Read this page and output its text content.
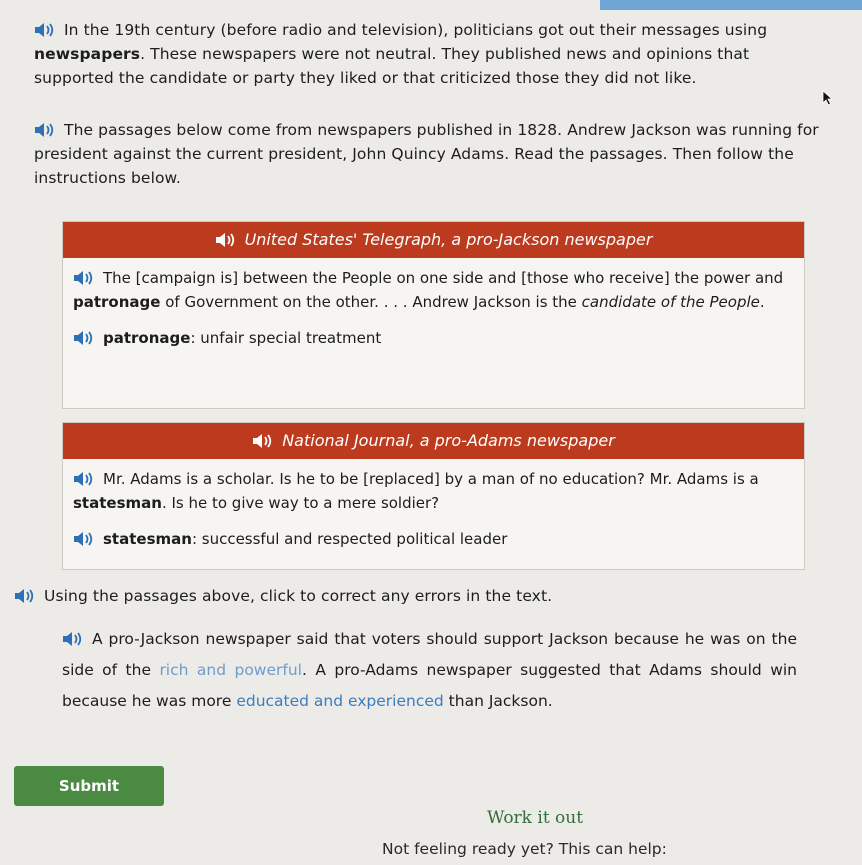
In the 19th century (before radio and television), politicians got out their messages using newspapers. These newspapers were not neutral. They published news and opinions that supported the candidate or party they liked or that criticized those they did not like.
The passages below come from newspapers published in 1828. Andrew Jackson was running for president against the current president, John Quincy Adams. Read the passages. Then follow the instructions below.
United States' Telegraph, a pro-Jackson newspaper
The [campaign is] between the People on one side and [those who receive] the power and patronage of Government on the other. . . . Andrew Jackson is the candidate of the People.
patronage: unfair special treatment
National Journal, a pro-Adams newspaper
Mr. Adams is a scholar. Is he to be [replaced] by a man of no education? Mr. Adams is a statesman. Is he to give way to a mere soldier?
statesman: successful and respected political leader
Using the passages above, click to correct any errors in the text.
A pro-Jackson newspaper said that voters should support Jackson because he was on the side of the rich and powerful. A pro-Adams newspaper suggested that Adams should win because he was more educated and experienced than Jackson.
Submit
Work it out
Not feeling ready yet? This can help:
